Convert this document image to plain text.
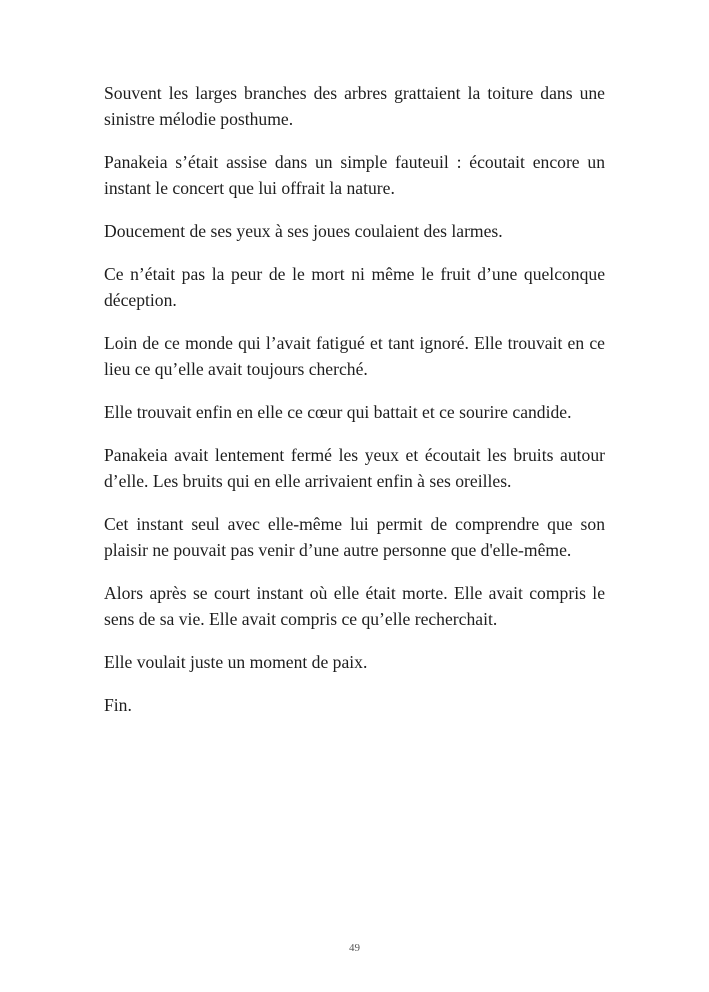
Souvent les larges branches des arbres grattaient la toiture dans une sinistre mélodie posthume.

Panakeia s’était assise dans un simple fauteuil : écoutait encore un instant le concert que lui offrait la nature.

Doucement de ses yeux à ses joues coulaient des larmes.

Ce n’était pas la peur de le mort ni même le fruit d’une quelconque déception.

Loin de ce monde qui l’avait fatigué et tant ignoré. Elle trouvait en ce lieu ce qu’elle avait toujours cherché.

Elle trouvait enfin en elle ce cœur qui battait et ce sourire candide.

Panakeia avait lentement fermé les yeux et écoutait les bruits autour d’elle. Les bruits qui en elle arrivaient enfin à ses oreilles.

Cet instant seul avec elle-même lui permit de comprendre que son plaisir ne pouvait pas venir d’une autre personne que d'elle-même.

Alors après se court instant où elle était morte. Elle avait compris le sens de sa vie. Elle avait compris ce qu’elle recherchait.

Elle voulait juste un moment de paix.

Fin.

49
